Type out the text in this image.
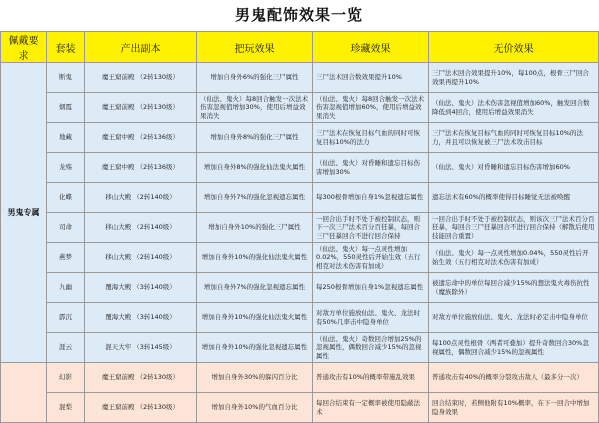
男鬼配饰效果一览
佩戴要求	套装	产出副本	把玩效果	珍藏效果	无价效果
男鬼专属	断鬼	魔王窟前殿 （2转130级）	增加自身外6%的强化三尸属性	三尸法术回合数效果提升10%	三尸法术回合效果提升10%，每100点，根骨三尸回合效果再提升10%
	烟霞	魔王窟前殿 （2转130级）	（仙法、鬼火）每8回合触发一次法术伤害忽视值增加30%，使用后增益效果消失	（仙法、鬼火）每8回合触发一次法术伤害忽视值增加60%，使用后增益效果消失	（仙法、鬼火）法术伤害忽视值增加60%，触发回合数降低到4回合，使用后增益效果消失
	地藏	魔王窟中殿 （2转136级）	增加自身外8%的强化三尸属性	三尸法术在恢复目标气血的同时可恢复目标10%的法力	三尸法术在恢复目标气血的同时可恢复目标10%的法力，并且可以恢复被三尸法术攻击目标
	龙殇	魔王窟中殿 （2转136级）	增加自身外8%的强化仙法鬼火属性	（仙法、鬼火）对昏睡和遗忘目标伤害增加30%	（仙法、鬼火）对昏睡和遗忘目标伤害增加60%
	化蝶	移山大殿 （2转140级）	增加自身外7%的强化忽视遗忘属性	每300根骨增加自身1%忽视遗忘属性	遗忘法术有60%的概率使得目标睡觉无法被唤醒
	司命	移山大殿 （2转140级）	增加自身外10%的强化三尸属性	一回合出手时不处于被控制状态，则下一次三尸法术百分百狂暴，每回合三尸狂暴回合不进行回合保持	一回合出手时不处于被控制状态，则该次三尸法术百分百狂暴，每回合三尸狂暴回合不进行回合保持（解散后使用技能回合重置）
	燕梦	移山大殿 （2转140级）	增加自身外10%的强化仙法鬼火属性	（仙法、鬼火）每一点灵性增加0.02%，550灵性后开始生效（五行相克对法术伤害有加成）	（仙法、鬼火）每一点灵性增加0.04%，550灵性后开始生效（五行相克对法术伤害有加成）
	九幽	覆海大殿 （3转140级）	增加自身外7%的强化忽视遗忘属性	每250根骨增加自身1%忽视遗忘属性	被遗忘命中的单位每回合减少15%的想法鬼火毒伤抗性（魔族除外）
	霹沉	覆海大殿 （3转140级）	增加自身外10%的强化仙法鬼火属性	对敌方单位施放仙法、鬼火、龙法时有50%几率击中隐身单位	对敌方单位施放仙法、鬼火、龙法时必定击中隐身单位
	涯云	混天大牢 （3转145级）	增加自身外10%的强化忽视遗忘属性	（仙法、鬼火）奇数回合增加25%的忽视属性，偶数回合减少15%的忽视属性	每100点灵性根骨（两者可叠加）提升奇数回合30%忽视属性，偶数回合减少15%的忽视属性
	幻影	魔王窟前殿 （2转130级）	增加自身外30%的躲闪百分比	普通攻击有10%的概率带施乱效果	普通攻击有40%的概率分裂攻击敌人（最多分一次）
	混梨	魔王窟前殿 （2转130级）	增加自身外10%的气血百分比	每回合结束有一定概率被使用隐蔽法术	回合结束时，若侧他附有10%概率，在下一回合中增加隐身效果
